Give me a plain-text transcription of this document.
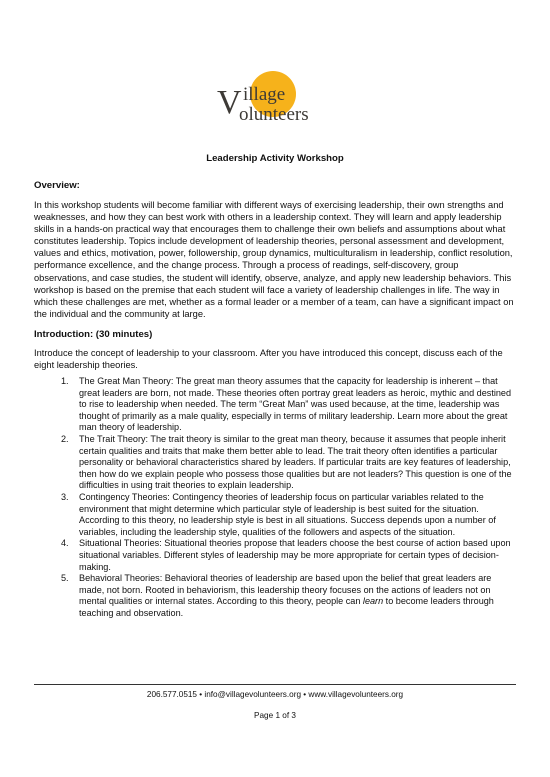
V illage
olunteers
Leadership Activity Workshop
Overview:

In this workshop students will become familiar with different ways of exercising leadership, their own strengths and weaknesses, and how they can best work with others in a leadership context. They will learn and apply leadership skills in a hands-on practical way that encourages them to challenge their own beliefs and assumptions about what constitutes leadership. Topics include development of leadership theories, personal assessment and development, values and ethics, motivation, power, followership, group dynamics, multiculturalism in leadership, conflict resolution, performance excellence, and the change process. Through a process of readings, self-discovery, group observations, and case studies, the student will identify, observe, analyze, and apply new leadership behaviors. This workshop is based on the premise that each student will face a variety of leadership challenges in life. The way in which these challenges are met, whether as a formal leader or a member of a team, can have a significant impact on the individual and the community at large.

Introduction: (30 minutes)

Introduce the concept of leadership to your classroom. After you have introduced this concept, discuss each of the eight leadership theories.

1. The Great Man Theory: The great man theory assumes that the capacity for leadership is inherent – that great leaders are born, not made. These theories often portray great leaders as heroic, mythic and destined to rise to leadership when needed. The term “Great Man” was used because, at the time, leadership was thought of primarily as a male quality, especially in terms of military leadership. Learn more about the great man theory of leadership.
2. The Trait Theory: The trait theory is similar to the great man theory, because it assumes that people inherit certain qualities and traits that make them better able to lead. The trait theory often identifies a particular personality or behavioral characteristics shared by leaders. If particular traits are key features of leadership, then how do we explain people who possess those qualities but are not leaders? This question is one of the difficulties in using trait theories to explain leadership.
3. Contingency Theories: Contingency theories of leadership focus on particular variables related to the environment that might determine which particular style of leadership is best suited for the situation. According to this theory, no leadership style is best in all situations. Success depends upon a number of variables, including the leadership style, qualities of the followers and aspects of the situation.
4. Situational Theories: Situational theories propose that leaders choose the best course of action based upon situational variables. Different styles of leadership may be more appropriate for certain types of decision-making.
5. Behavioral Theories: Behavioral theories of leadership are based upon the belief that great leaders are made, not born. Rooted in behaviorism, this leadership theory focuses on the actions of leaders not on mental qualities or internal states. According to this theory, people can learn to become leaders through teaching and observation.
206.577.0515 • info@villagevolunteers.org • www.villagevolunteers.org
Page 1 of 3
